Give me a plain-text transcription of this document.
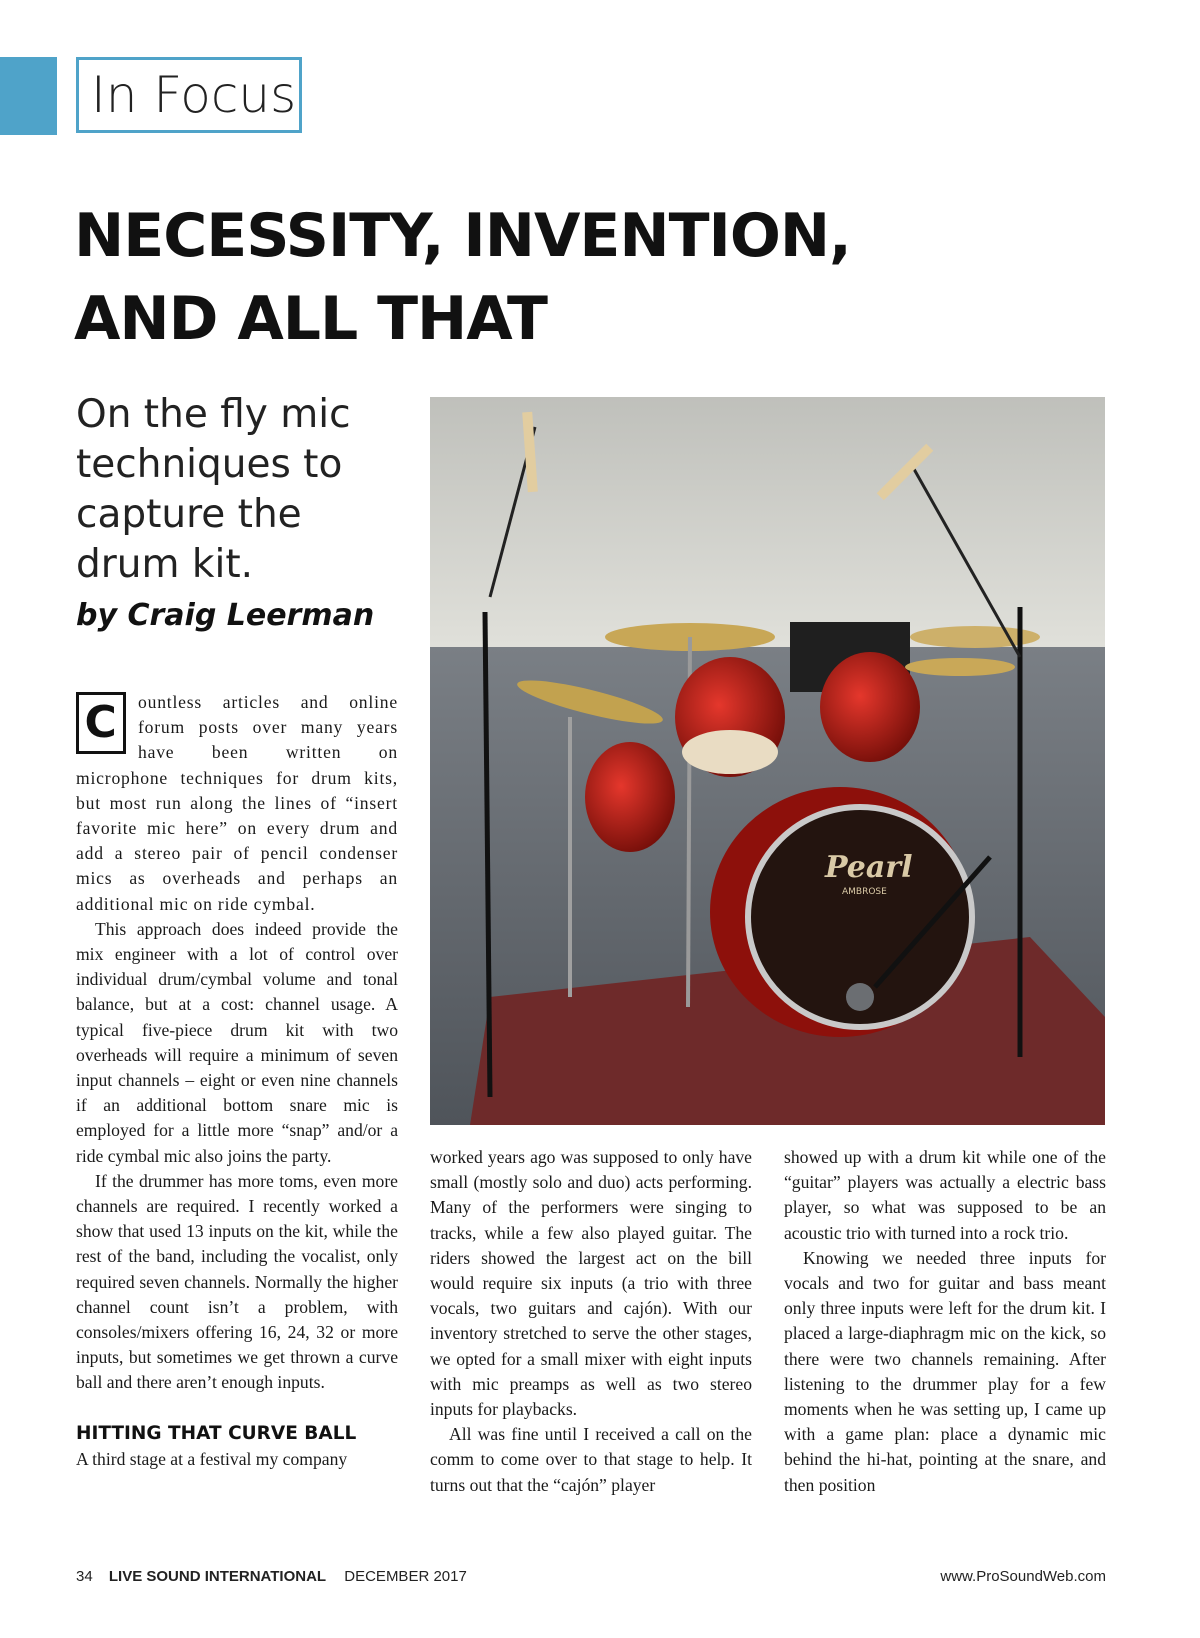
In Focus
NECESSITY, INVENTION,
AND ALL THAT
On the fly mic techniques to capture the drum kit.

by Craig Leerman

Pearl
AMBROSE

C	ountless articles and online forum posts over many years have been written on microphone techniques for drum kits, but most run along the lines of “insert favorite mic here” on every drum and add a stereo pair of pencil condenser mics as overheads and perhaps an additional mic on ride cymbal.

This approach does indeed provide the mix engineer with a lot of control over individual drum/cymbal volume and tonal balance, but at a cost: channel usage. A typical five-piece drum kit with two overheads will require a minimum of seven input channels – eight or even nine channels if an additional bottom snare mic is employed for a little more “snap” and/or a ride cymbal mic also joins the party.

If the drummer has more toms, even more channels are required. I recently worked a show that used 13 inputs on the kit, while the rest of the band, including the vocalist, only required seven channels. Normally the higher channel count isn’t a problem, with consoles/mixers offering 16, 24, 32 or more inputs, but sometimes we get thrown a curve ball and there aren’t enough inputs.

HITTING THAT CURVE BALL

A third stage at a festival my company

worked years ago was supposed to only have small (mostly solo and duo) acts performing. Many of the performers were singing to tracks, while a few also played guitar. The riders showed the largest act on the bill would require six inputs (a trio with three vocals, two guitars and cajón). With our inventory stretched to serve the other stages, we opted for a small mixer with eight inputs with mic preamps as well as two stereo inputs for playbacks.

All was fine until I received a call on the comm to come over to that stage to help. It turns out that the “cajón” player

showed up with a drum kit while one of the “guitar” players was actually a electric bass player, so what was supposed to be an acoustic trio with turned into a rock trio.

Knowing we needed three inputs for vocals and two for guitar and bass meant only three inputs were left for the drum kit. I placed a large-diaphragm mic on the kick, so there were two channels remaining. After listening to the drummer play for a few moments when he was setting up, I came up with a game plan: place a dynamic mic behind the hi-hat, pointing at the snare, and then position

34 LIVE SOUND INTERNATIONAL DECEMBER 2017	www.ProSoundWeb.com
